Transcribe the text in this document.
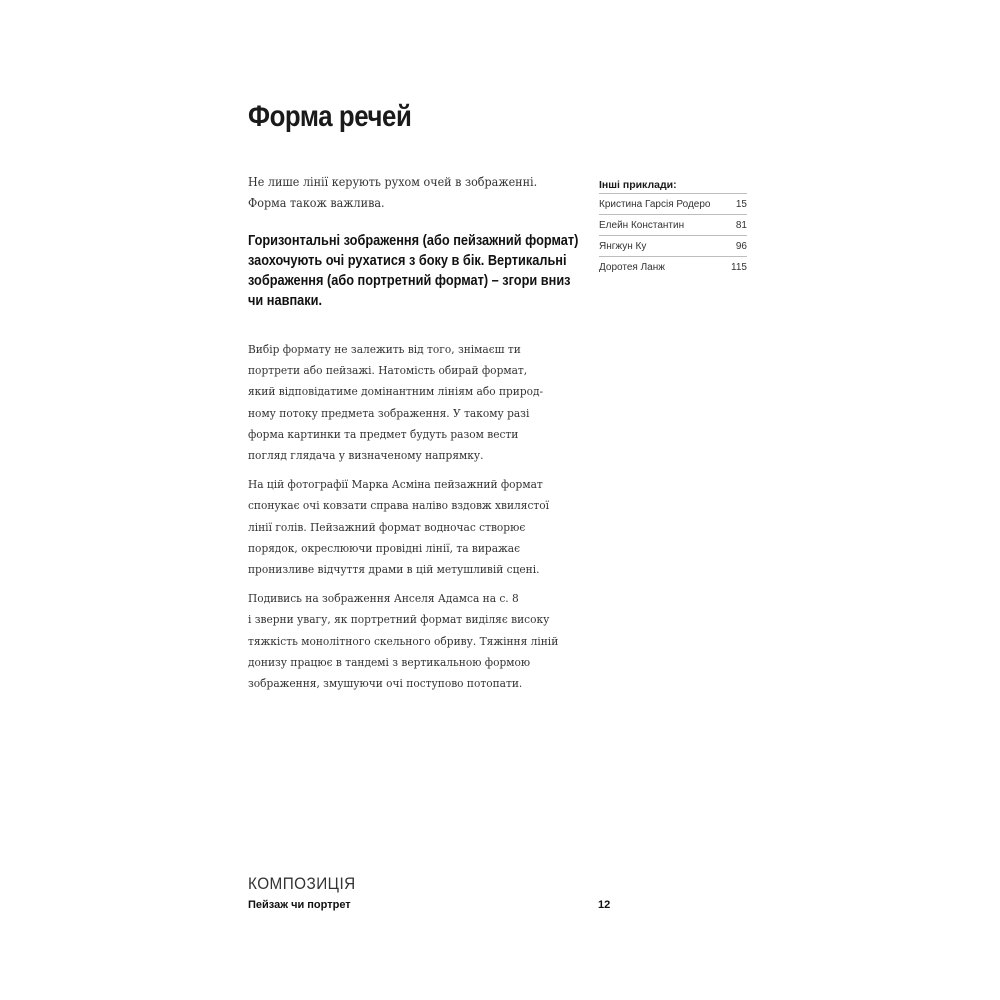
Форма речей

Не лише лінії керують рухом очей в зображенні.
Форма також важлива.

Горизонтальні зображення (або пейзажний формат)
заохочують очі рухатися з боку в бік. Вертикальні
зображення (або портретний формат) – згори вниз
чи навпаки.

Вибір формату не залежить від того, знімаєш ти
портрети або пейзажі. Натомість обирай формат,
який відповідатиме домінантним лініям або природ-
ному потоку предмета зображення. У такому разі
форма картинки та предмет будуть разом вести
погляд глядача у визначеному напрямку.

На цій фотографії Марка Асміна пейзажний формат
спонукає очі ковзати справа наліво вздовж хвилястої
лінії голів. Пейзажний формат водночас створює
порядок, окреслюючи провідні лінії, та виражає
пронизливе відчуття драми в цій метушливій сцені.

Подивись на зображення Анселя Адамса на с. 8
і зверни увагу, як портретний формат виділяє високу
тяжкість монолітного скельного обриву. Тяжіння ліній
донизу працює в тандемі з вертикальною формою
зображення, змушуючи очі поступово потопати.

Інші приклади:
Кристина Гарсія Родеро	15
Елейн Константин	81
Янгжун Ку	96
Доротея Ланж	115
КОМПОЗИЦІЯ
Пейзаж чи портрет	12
